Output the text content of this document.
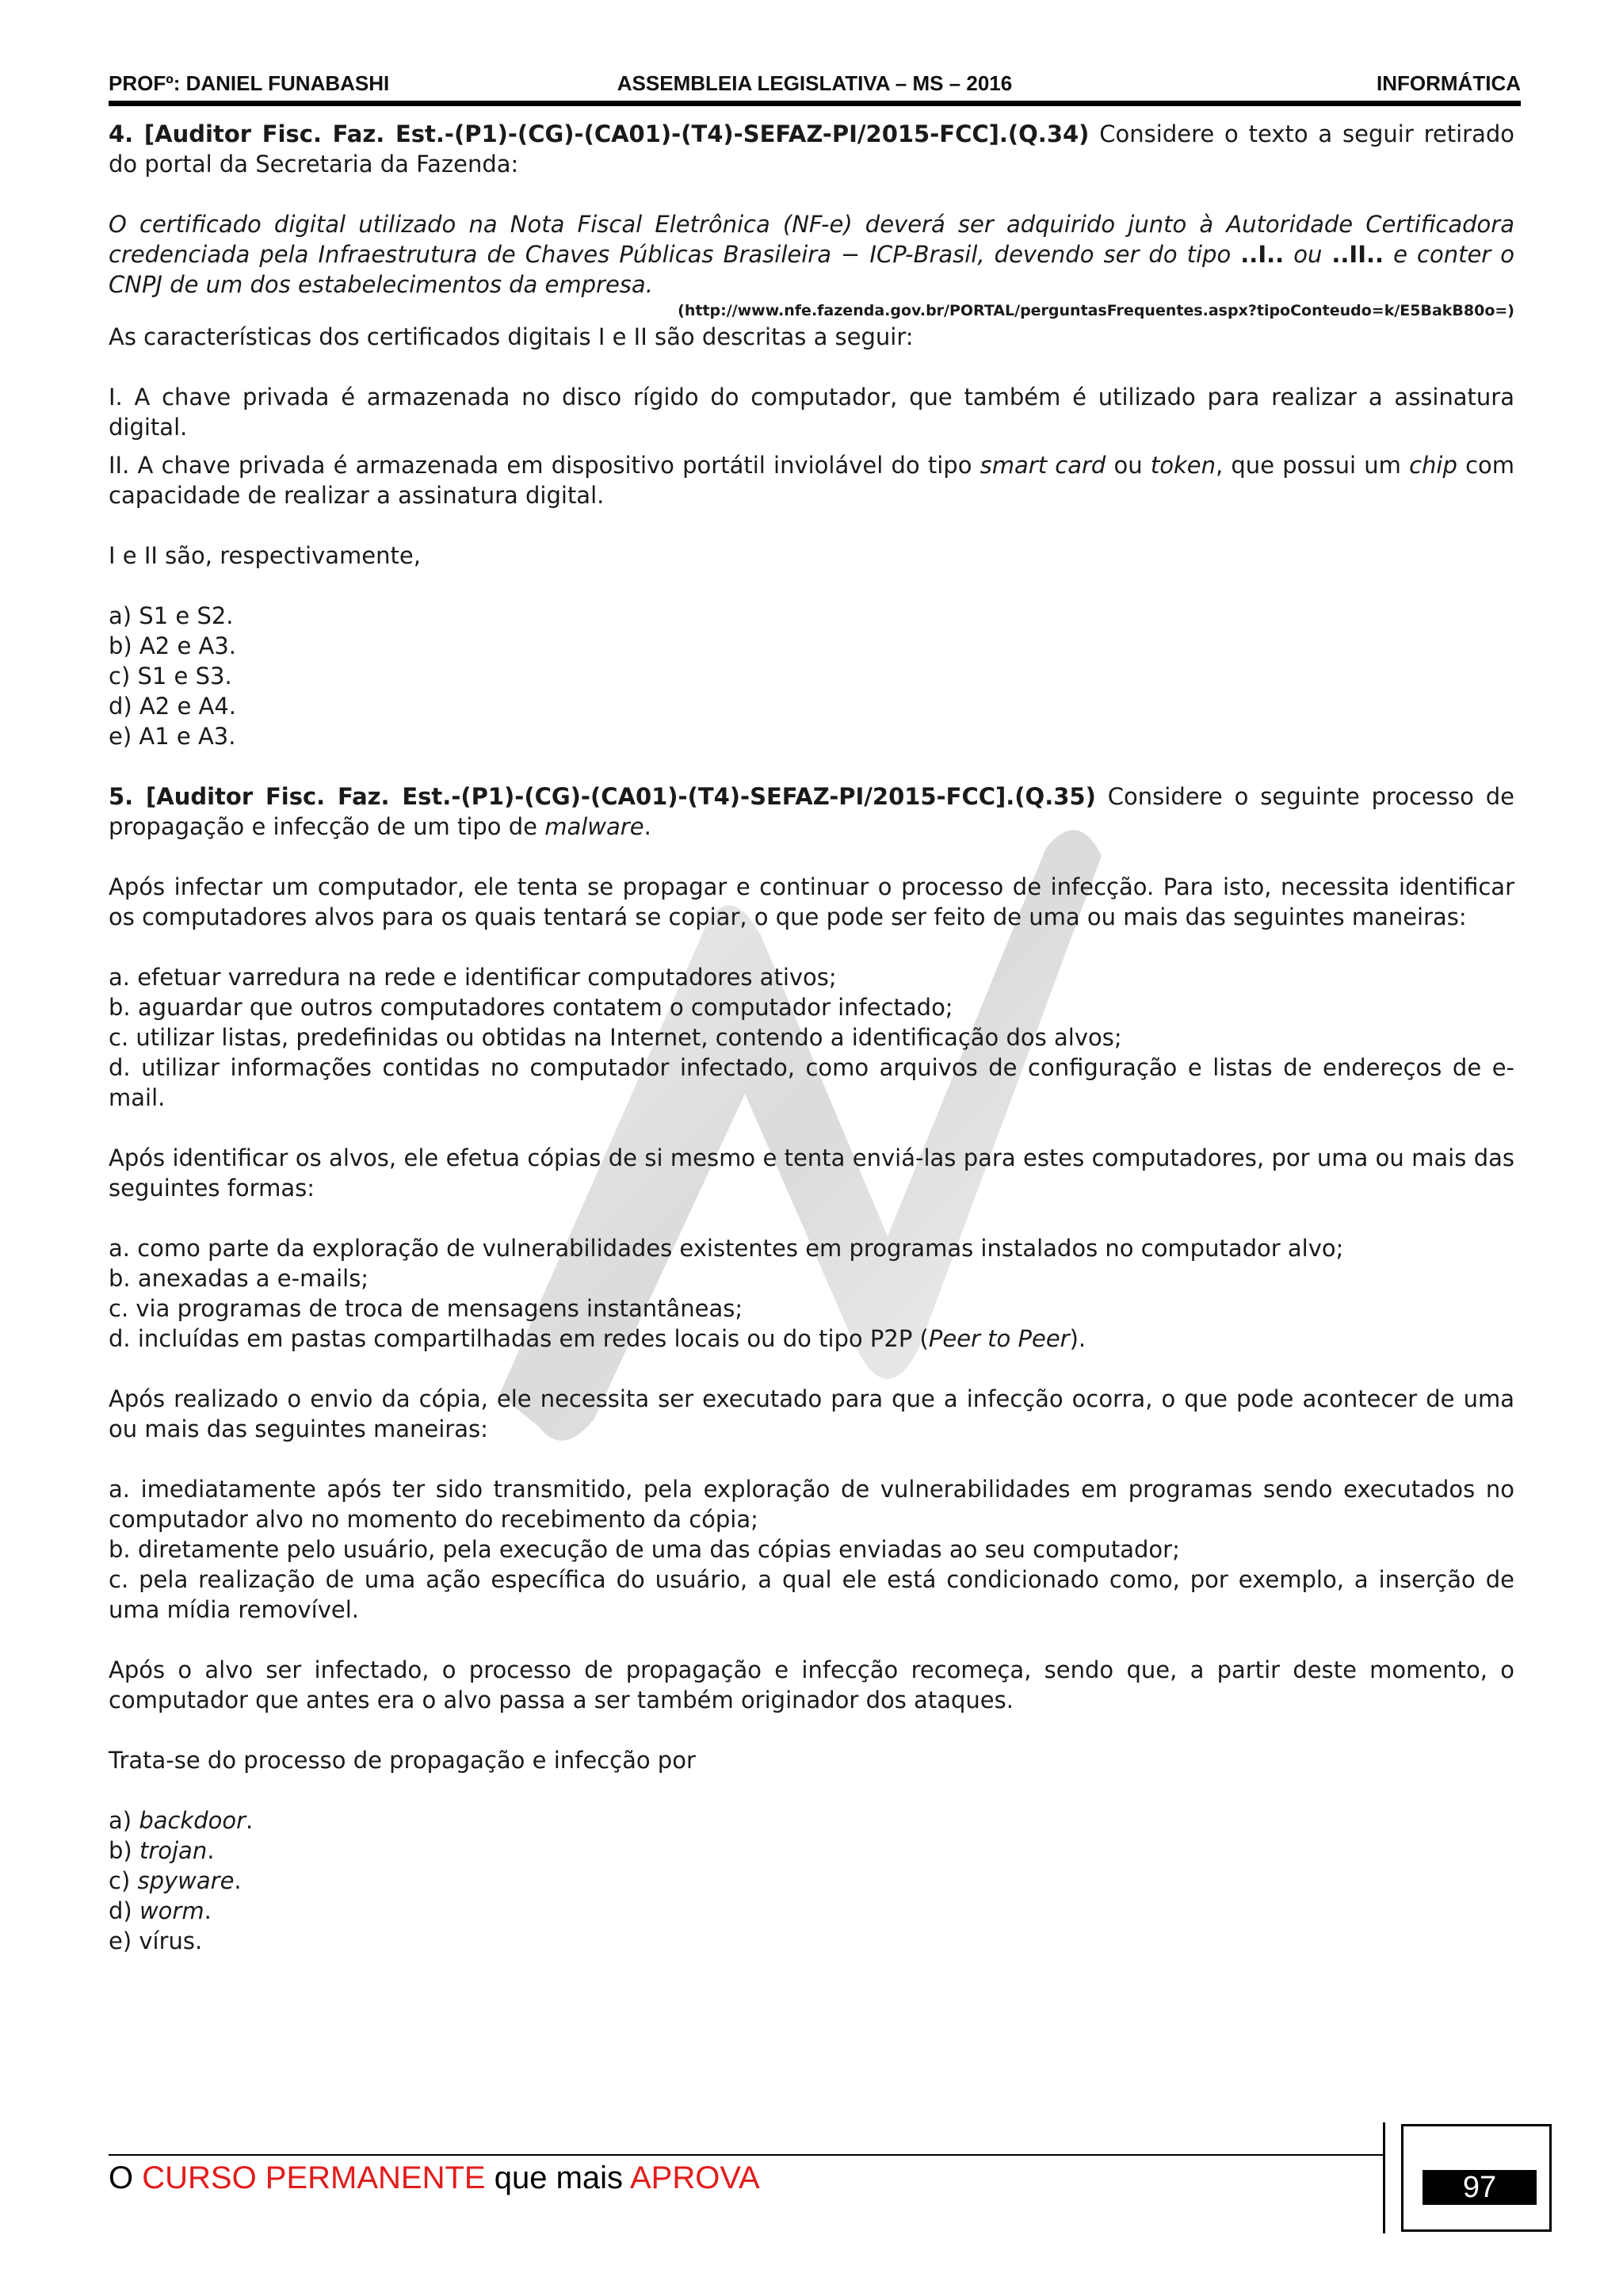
PROFº: DANIEL FUNABASHI	ASSEMBLEIA LEGISLATIVA – MS – 2016	INFORMÁTICA

4. [Auditor Fisc. Faz. Est.-(P1)-(CG)-(CA01)-(T4)-SEFAZ-PI/2015-FCC].(Q.34) Considere o texto a seguir retirado do portal da Secretaria da Fazenda:

O certificado digital utilizado na Nota Fiscal Eletrônica (NF-e) deverá ser adquirido junto à Autoridade Certificadora credenciada pela Infraestrutura de Chaves Públicas Brasileira − ICP-Brasil, devendo ser do tipo ..I.. ou ..II.. e conter o CNPJ de um dos estabelecimentos da empresa.

(http://www.nfe.fazenda.gov.br/PORTAL/perguntasFrequentes.aspx?tipoConteudo=k/E5BakB80o=)

As características dos certificados digitais I e II são descritas a seguir:

I. A chave privada é armazenada no disco rígido do computador, que também é utilizado para realizar a assinatura digital.

II. A chave privada é armazenada em dispositivo portátil inviolável do tipo smart card ou token, que possui um chip com capacidade de realizar a assinatura digital.

I e II são, respectivamente,

a) S1 e S2.

b) A2 e A3.

c) S1 e S3.

d) A2 e A4.

e) A1 e A3.

5. [Auditor Fisc. Faz. Est.-(P1)-(CG)-(CA01)-(T4)-SEFAZ-PI/2015-FCC].(Q.35) Considere o seguinte processo de propagação e infecção de um tipo de malware.

Após infectar um computador, ele tenta se propagar e continuar o processo de infecção. Para isto, necessita identificar os computadores alvos para os quais tentará se copiar, o que pode ser feito de uma ou mais das seguintes maneiras:

a. efetuar varredura na rede e identificar computadores ativos;

b. aguardar que outros computadores contatem o computador infectado;

c. utilizar listas, predefinidas ou obtidas na Internet, contendo a identificação dos alvos;

d. utilizar informações contidas no computador infectado, como arquivos de configuração e listas de endereços de e-mail.

Após identificar os alvos, ele efetua cópias de si mesmo e tenta enviá-las para estes computadores, por uma ou mais das seguintes formas:

a. como parte da exploração de vulnerabilidades existentes em programas instalados no computador alvo;

b. anexadas a e-mails;

c. via programas de troca de mensagens instantâneas;

d. incluídas em pastas compartilhadas em redes locais ou do tipo P2P (Peer to Peer).

Após realizado o envio da cópia, ele necessita ser executado para que a infecção ocorra, o que pode acontecer de uma ou mais das seguintes maneiras:

a. imediatamente após ter sido transmitido, pela exploração de vulnerabilidades em programas sendo executados no computador alvo no momento do recebimento da cópia;

b. diretamente pelo usuário, pela execução de uma das cópias enviadas ao seu computador;

c. pela realização de uma ação específica do usuário, a qual ele está condicionado como, por exemplo, a inserção de uma mídia removível.

Após o alvo ser infectado, o processo de propagação e infecção recomeça, sendo que, a partir deste momento, o computador que antes era o alvo passa a ser também originador dos ataques.

Trata-se do processo de propagação e infecção por

a) backdoor.

b) trojan.

c) spyware.

d) worm.

e) vírus.

O CURSO PERMANENTE que mais APROVA	97
